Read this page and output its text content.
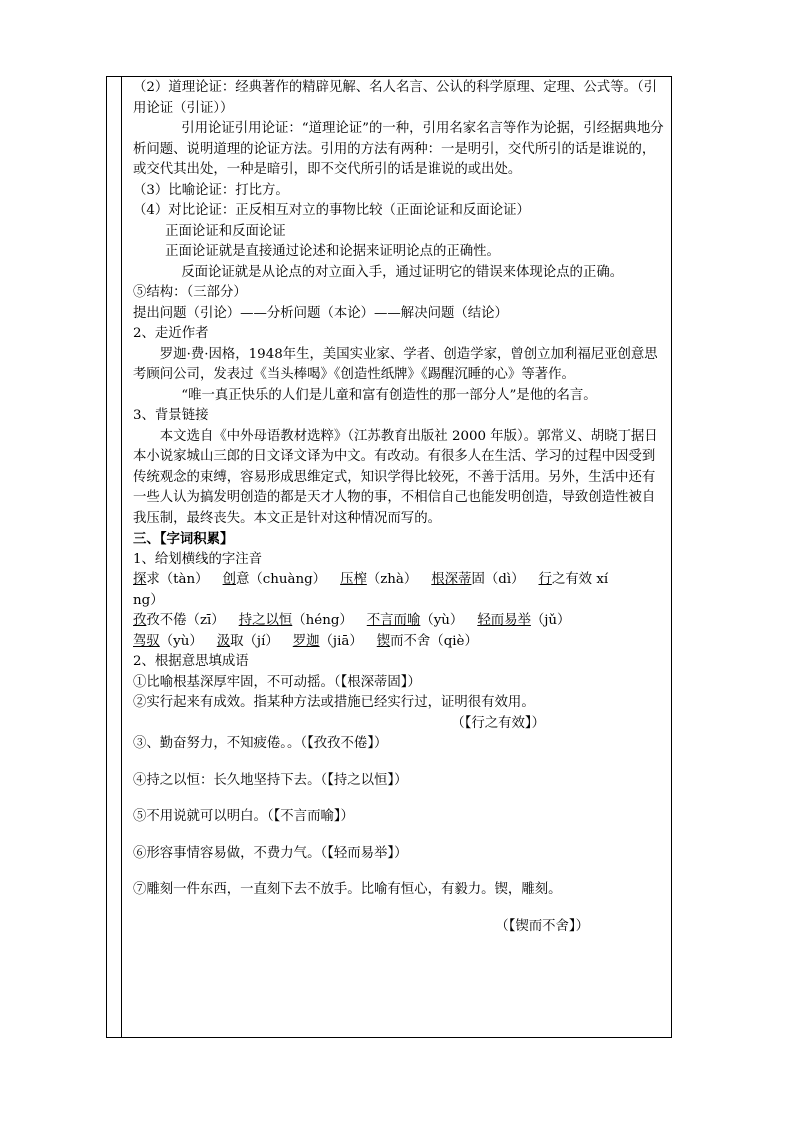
（2）道理论证：经典著作的精辟见解、名人名言、公认的科学原理、定理、公式等。（引用论证（引证））

引用论证引用论证：“道理论证”的一种，引用名家名言等作为论据，引经据典地分析问题、说明道理的论证方法。引用的方法有两种：一是明引，交代所引的话是谁说的，或交代其出处，一种是暗引，即不交代所引的话是谁说的或出处。

（3）比喻论证：打比方。

（4）对比论证：正反相互对立的事物比较（正面论证和反面论证）

正面论证和反面论证

正面论证就是直接通过论述和论据来证明论点的正确性。

反面论证就是从论点的对立面入手，通过证明它的错误来体现论点的正确。

⑤结构：（三部分）

提出问题（引论）——分析问题（本论）——解决问题（结论）

2、走近作者

罗迦·费·因格，1948年生，美国实业家、学者、创造学家，曾创立加利福尼亚创意思考顾问公司，发表过《当头棒喝》《创造性纸牌》《踢醒沉睡的心》等著作。

“唯一真正快乐的人们是儿童和富有创造性的那一部分人”是他的名言。

3、背景链接

本文选自《中外母语教材选粹》（江苏教育出版社 2000 年版）。郭常义、胡晓丁据日本小说家城山三郎的日文译文译为中文。有改动。有很多人在生活、学习的过程中因受到传统观念的束缚，容易形成思维定式，知识学得比较死，不善于活用。另外，生活中还有一些人认为搞发明创造的都是天才人物的事，不相信自己也能发明创造，导致创造性被自我压制，最终丧失。本文正是针对这种情况而写的。

三、【字词积累】

1、给划横线的字注音

探求（tàn） 创意（chuàng） 压榨（zhà） 根深蒂固（dì） 行之有效 xí

ng）

孜孜不倦（zī） 持之以恒（héng） 不言而喻（yù） 轻而易举（jǔ）

驾驭（yù） 汲取（jí） 罗迦（jiā） 锲而不舍（qiè）

2、根据意思填成语

①比喻根基深厚牢固，不可动摇。（【根深蒂固】）

②实行起来有成效。指某种方法或措施已经实行过，证明很有效用。

（【行之有效】）

③、勤奋努力，不知疲倦。。（【孜孜不倦】）

④持之以恒：长久地坚持下去。（【持之以恒】）

⑤不用说就可以明白。（【不言而喻】）

⑥形容事情容易做，不费力气。（【轻而易举】）

⑦雕刻一件东西，一直刻下去不放手。比喻有恒心，有毅力。锲，雕刻。

（【锲而不舍】）
